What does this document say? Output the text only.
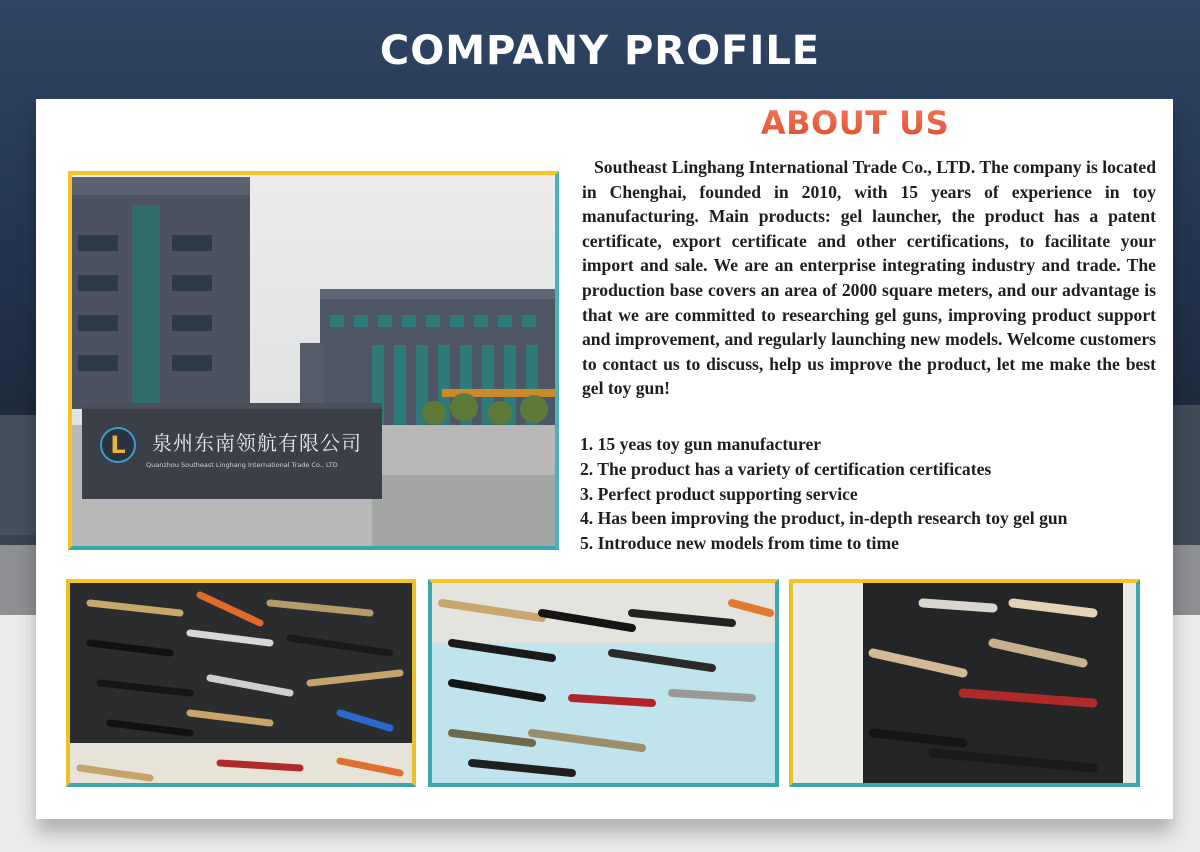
COMPANY PROFILE
ABOUT US
L	泉州东南领航有限公司
Quanzhou Southeast Linghang International Trade Co., LTD

Southeast Linghang International Trade Co., LTD. The company is located in Chenghai, founded in 2010, with 15 years of experience in toy manufacturing. Main products: gel launcher, the product has a patent certificate, export certificate and other certifications, to facilitate your import and sale. We are an enterprise integrating industry and trade. The production base covers an area of 2000 square meters, and our advantage is that we are committed to researching gel guns, improving product support and improvement, and regularly launching new models. Welcome customers to contact us to discuss, help us improve the product, let me make the best gel toy gun!

1. 15 yeas toy gun manufacturer
2. The product has a variety of certification certificates
3. Perfect product supporting service
4. Has been improving the product, in-depth research toy gel gun
5. Introduce new models from time to time
